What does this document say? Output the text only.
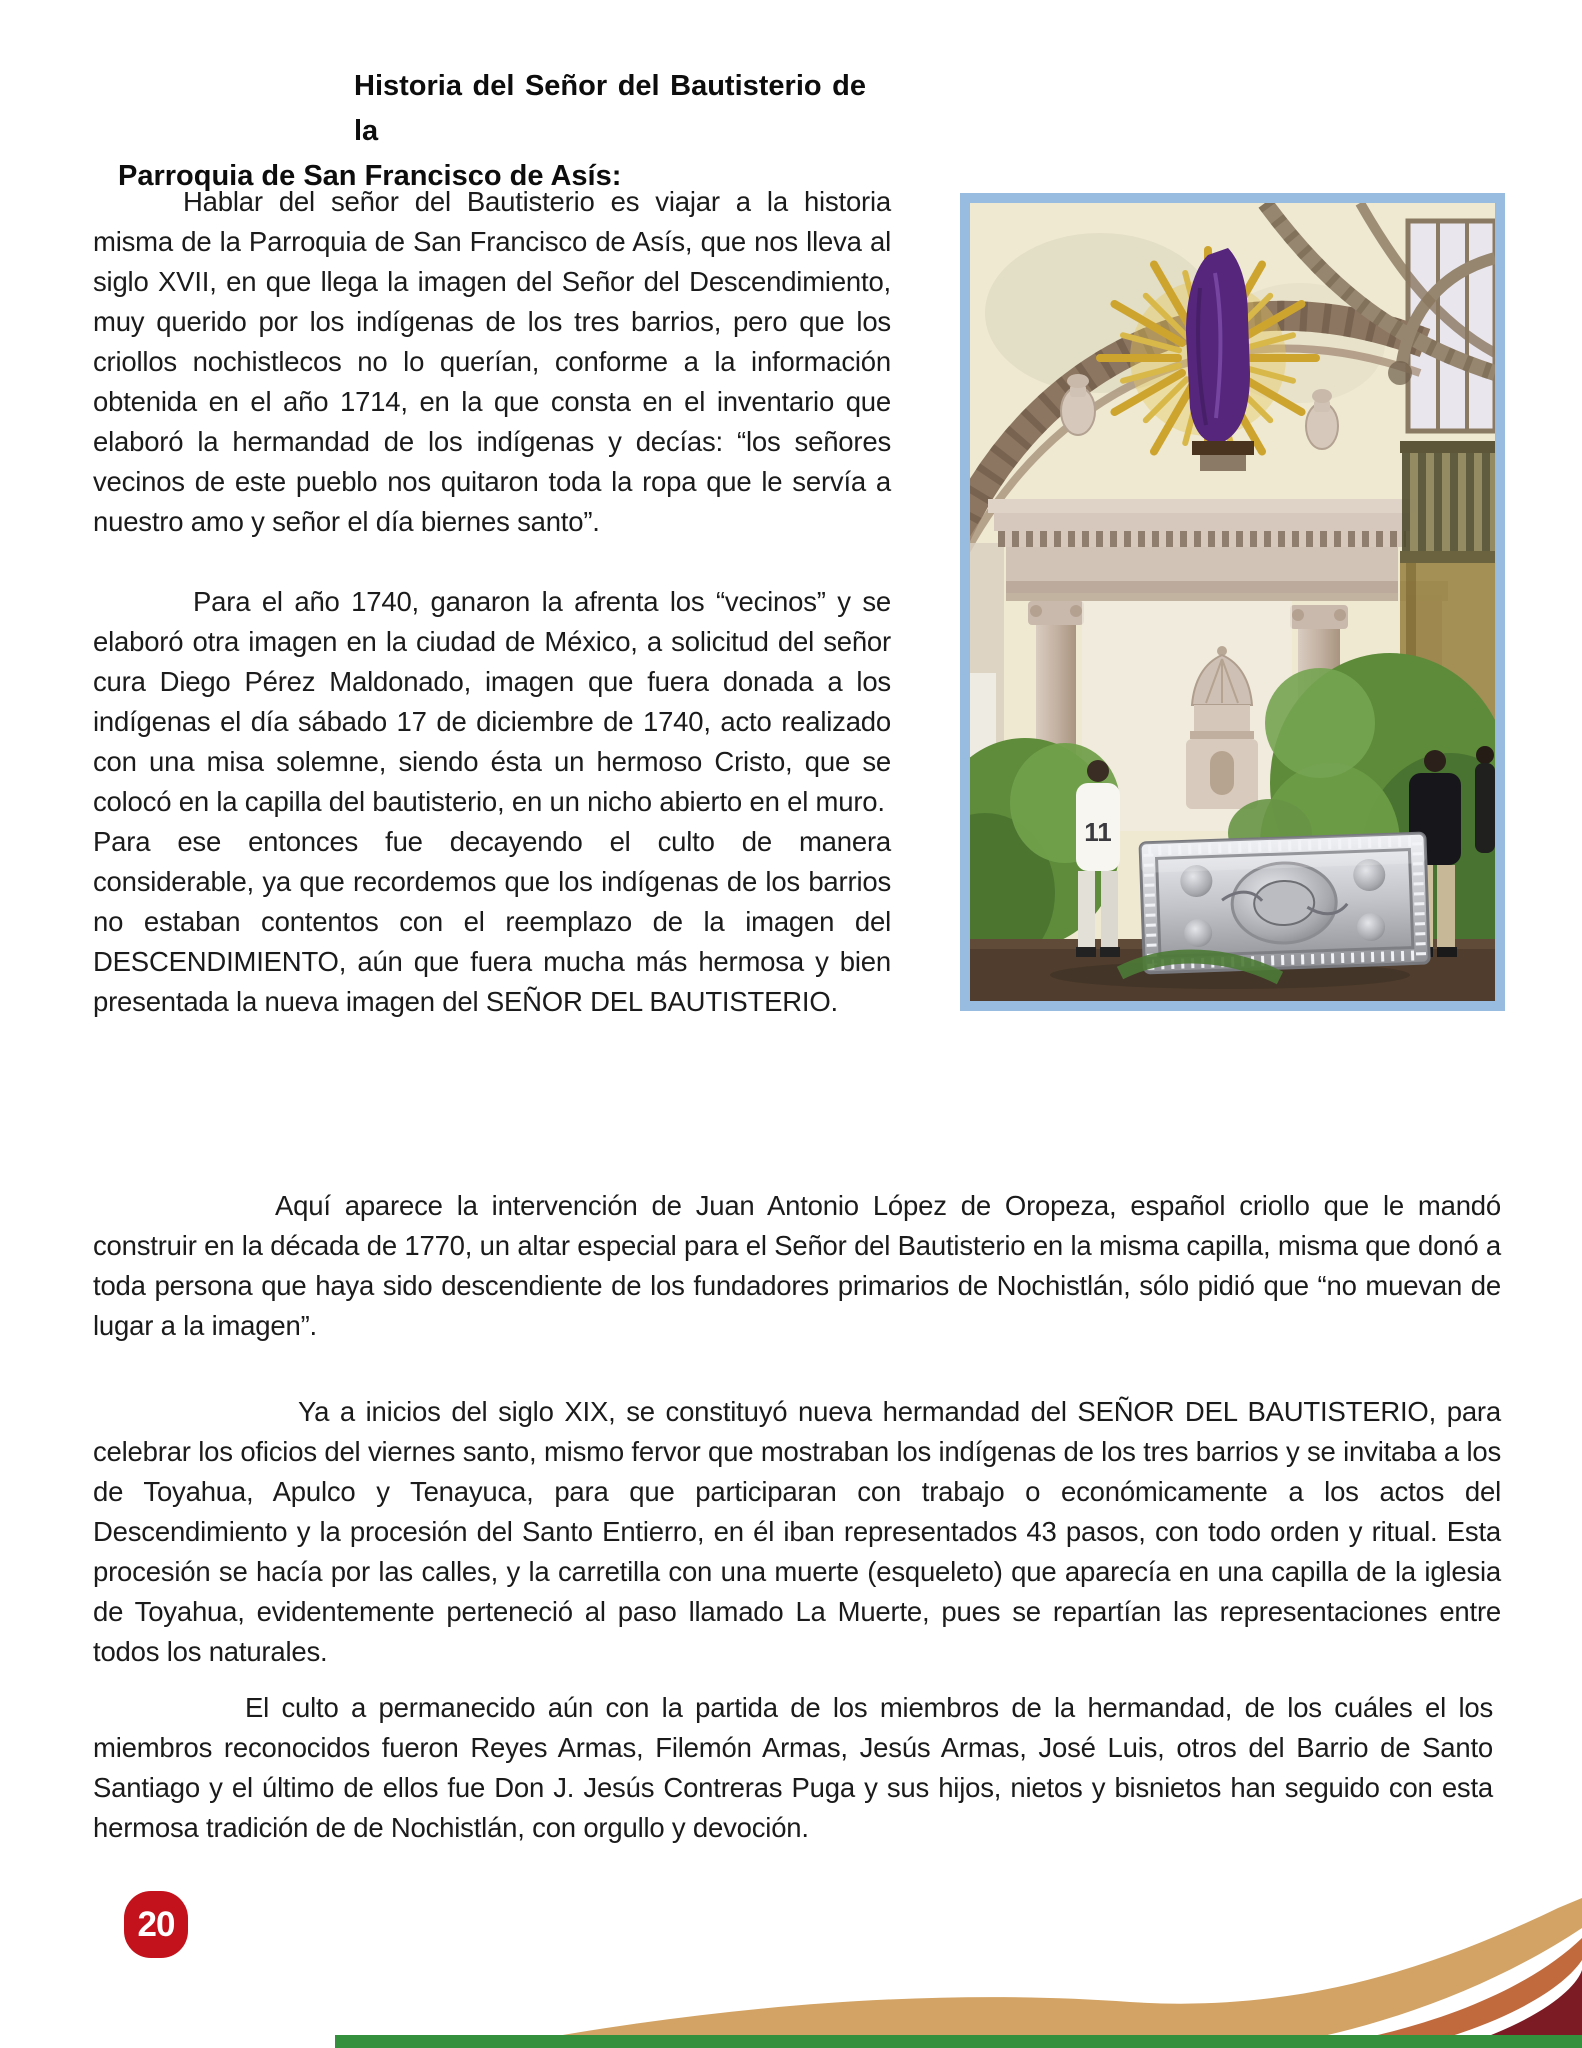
Historia del Señor del Bautisterio de la
Parroquia de San Francisco de Asís:

Hablar del señor del Bautisterio es viajar a la historia misma de la Parroquia de San Francisco de Asís, que nos lleva al siglo XVII, en que llega la imagen del Señor del Descendimiento, muy querido por los indígenas de los tres barrios, pero que los criollos nochistlecos no lo querían, conforme a la información obtenida en el año 1714, en la que consta en el inventario que elaboró la hermandad de los indígenas y decías: “los señores vecinos de este pueblo nos quitaron toda la ropa que le servía a nuestro amo y señor el día biernes santo”.

Para el año 1740, ganaron la afrenta los “vecinos” y se elaboró otra imagen en la ciudad de México, a solicitud del señor cura Diego Pérez Maldonado, imagen que fuera donada a los indígenas el día sábado 17 de diciembre de 1740, acto realizado con una misa solemne, siendo ésta un hermoso Cristo, que se colocó en la capilla del bautisterio, en un nicho abierto en el muro.

Para ese entonces fue decayendo el culto de manera considerable, ya que recordemos que los indígenas de los barrios no estaban contentos con el reemplazo de la imagen del DESCENDIMIENTO, aún que fuera mucha más hermosa y bien presentada la nueva imagen del SEÑOR DEL BAUTISTERIO.

11

Aquí aparece la intervención de Juan Antonio López de Oropeza, español criollo que le mandó construir en la década de 1770, un altar especial para el Señor del Bautisterio en la misma capilla, misma que donó a toda persona que haya sido descendiente de los fundadores primarios de Nochistlán, sólo pidió que “no muevan de lugar a la imagen”.

Ya a inicios del siglo XIX, se constituyó nueva hermandad del SEÑOR DEL BAUTISTERIO, para celebrar los oficios del viernes santo, mismo fervor que mostraban los indígenas de los tres barrios y se invitaba a los de Toyahua, Apulco y Tenayuca, para que participaran con trabajo o económicamente a los actos del Descendimiento y la procesión del Santo Entierro, en él iban representados 43 pasos, con todo orden y ritual. Esta procesión se hacía por las calles, y la carretilla con una muerte (esqueleto) que aparecía en una capilla de la iglesia de Toyahua, evidentemente perteneció al paso llamado La Muerte, pues se repartían las representaciones entre todos los naturales.

El culto a permanecido aún con la partida de los miembros de la hermandad, de los cuáles el los miembros reconocidos fueron Reyes Armas, Filemón Armas, Jesús Armas, José Luis, otros del Barrio de Santo Santiago y el último de ellos fue Don J. Jesús Contreras Puga y sus hijos, nietos y bisnietos han seguido con esta hermosa tradición de de Nochistlán, con orgullo y devoción.

20
